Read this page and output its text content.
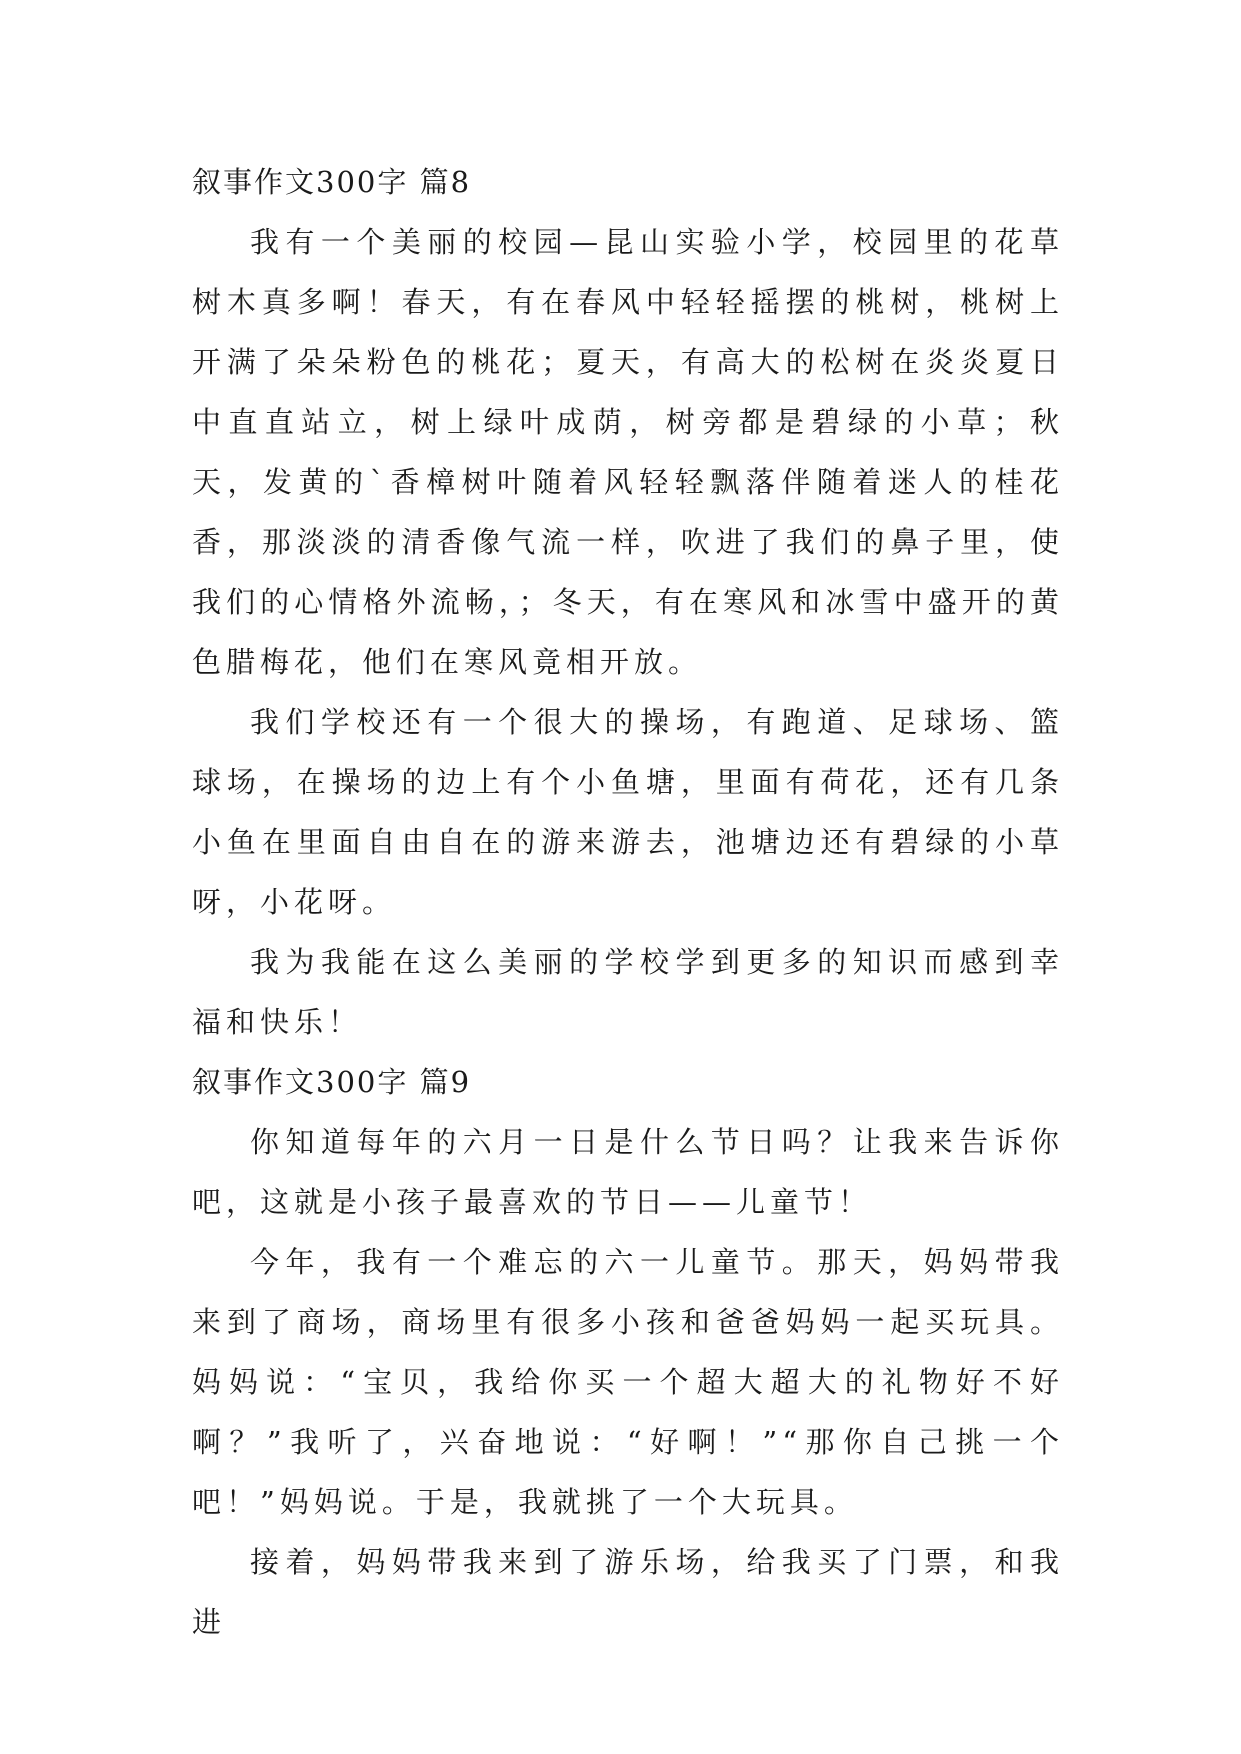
叙事作文300字 篇8

我有一个美丽的校园—昆山实验小学，校园里的花草树木真多啊！春天，有在春风中轻轻摇摆的桃树，桃树上开满了朵朵粉色的桃花；夏天，有高大的松树在炎炎夏日中直直站立，树上绿叶成荫，树旁都是碧绿的小草；秋天，发黄的`香樟树叶随着风轻轻飘落伴随着迷人的桂花香，那淡淡的清香像气流一样，吹进了我们的鼻子里，使我们的心情格外流畅，；冬天，有在寒风和冰雪中盛开的黄色腊梅花，他们在寒风竟相开放。

我们学校还有一个很大的操场，有跑道、足球场、篮球场，在操场的边上有个小鱼塘，里面有荷花，还有几条小鱼在里面自由自在的游来游去，池塘边还有碧绿的小草呀，小花呀。

我为我能在这么美丽的学校学到更多的知识而感到幸福和快乐！

叙事作文300字 篇9

你知道每年的六月一日是什么节日吗？让我来告诉你吧，这就是小孩子最喜欢的节日——儿童节！

今年，我有一个难忘的六一儿童节。那天，妈妈带我来到了商场，商场里有很多小孩和爸爸妈妈一起买玩具。妈妈说：“宝贝，我给你买一个超大超大的礼物好不好啊？”我听了，兴奋地说：“好啊！”“那你自己挑一个吧！”妈妈说。于是，我就挑了一个大玩具。

接着，妈妈带我来到了游乐场，给我买了门票，和我进
